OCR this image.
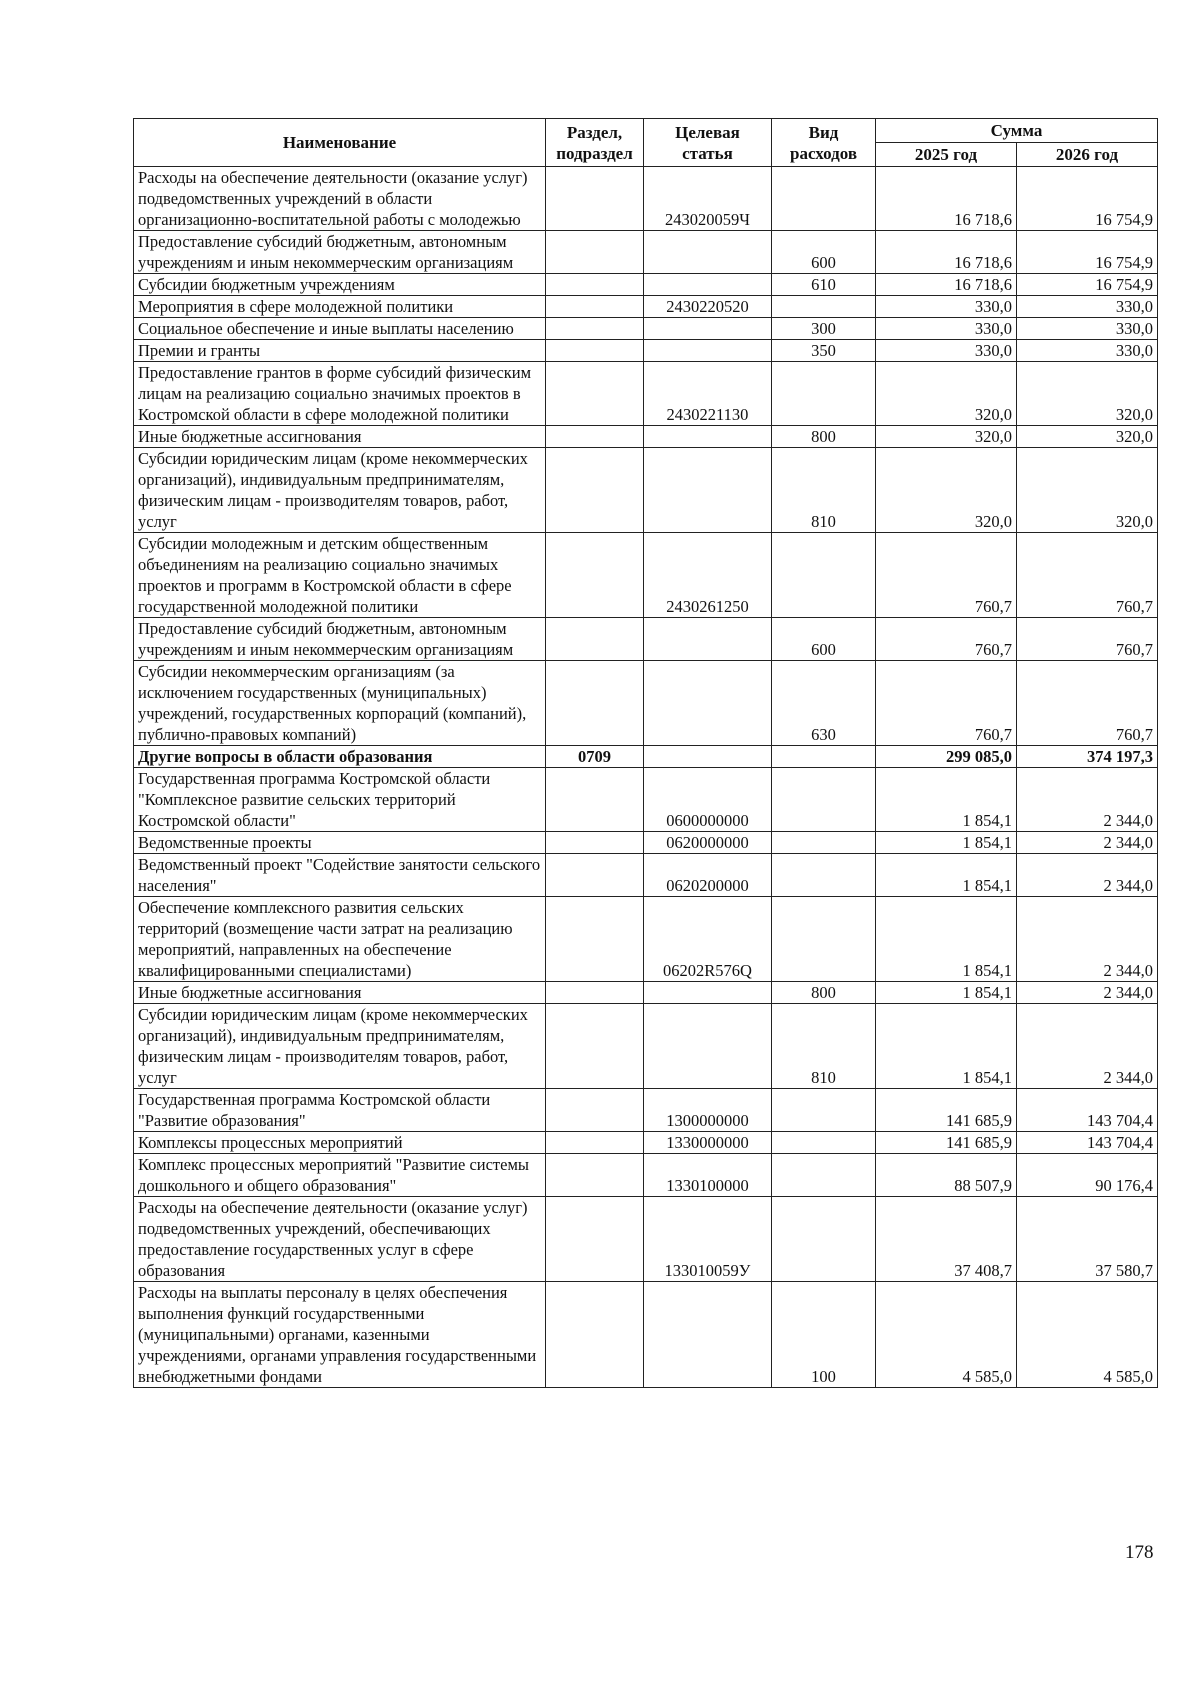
Наименование	Раздел, подраздел	Целевая статья	Вид расходов	Сумма	
				2025 год	2026 год
Расходы на обеспечение деятельности (оказание услуг) подведомственных учреждений в области организационно-воспитательной работы с молодежью		243020059Ч		16 718,6	16 754,9
Предоставление субсидий бюджетным, автономным учреждениям и иным некоммерческим организациям			600	16 718,6	16 754,9
Субсидии бюджетным учреждениям			610	16 718,6	16 754,9
Мероприятия в сфере молодежной политики		2430220520		330,0	330,0
Социальное обеспечение и иные выплаты населению			300	330,0	330,0
Премии и гранты			350	330,0	330,0
Предоставление грантов в форме субсидий физическим лицам на реализацию социально значимых проектов в Костромской области в сфере молодежной политики		2430221130		320,0	320,0
Иные бюджетные ассигнования			800	320,0	320,0
Субсидии юридическим лицам (кроме некоммерческих организаций), индивидуальным предпринимателям, физическим лицам - производителям товаров, работ, услуг			810	320,0	320,0
Субсидии молодежным и детским общественным объединениям на реализацию социально значимых проектов и программ в Костромской области в сфере государственной молодежной политики		2430261250		760,7	760,7
Предоставление субсидий бюджетным, автономным учреждениям и иным некоммерческим организациям			600	760,7	760,7
Субсидии некоммерческим организациям (за исключением государственных (муниципальных) учреждений, государственных корпораций (компаний), публично-правовых компаний)			630	760,7	760,7
Другие вопросы в области образования	0709			299 085,0	374 197,3
Государственная программа Костромской области "Комплексное развитие сельских территорий Костромской области"		0600000000		1 854,1	2 344,0
Ведомственные проекты		0620000000		1 854,1	2 344,0
Ведомственный проект "Содействие занятости сельского населения"		0620200000		1 854,1	2 344,0
Обеспечение комплексного развития сельских территорий (возмещение части затрат на реализацию мероприятий, направленных на обеспечение квалифицированными специалистами)		06202R576Q		1 854,1	2 344,0
Иные бюджетные ассигнования			800	1 854,1	2 344,0
Субсидии юридическим лицам (кроме некоммерческих организаций), индивидуальным предпринимателям, физическим лицам - производителям товаров, работ, услуг			810	1 854,1	2 344,0
Государственная программа Костромской области "Развитие образования"		1300000000		141 685,9	143 704,4
Комплексы процессных мероприятий		1330000000		141 685,9	143 704,4
Комплекс процессных мероприятий "Развитие системы дошкольного и общего образования"		1330100000		88 507,9	90 176,4
Расходы на обеспечение деятельности (оказание услуг) подведомственных учреждений, обеспечивающих предоставление государственных услуг в сфере образования		133010059У		37 408,7	37 580,7
Расходы на выплаты персоналу в целях обеспечения выполнения функций государственными (муниципальными) органами, казенными учреждениями, органами управления государственными внебюджетными фондами			100	4 585,0	4 585,0
178
